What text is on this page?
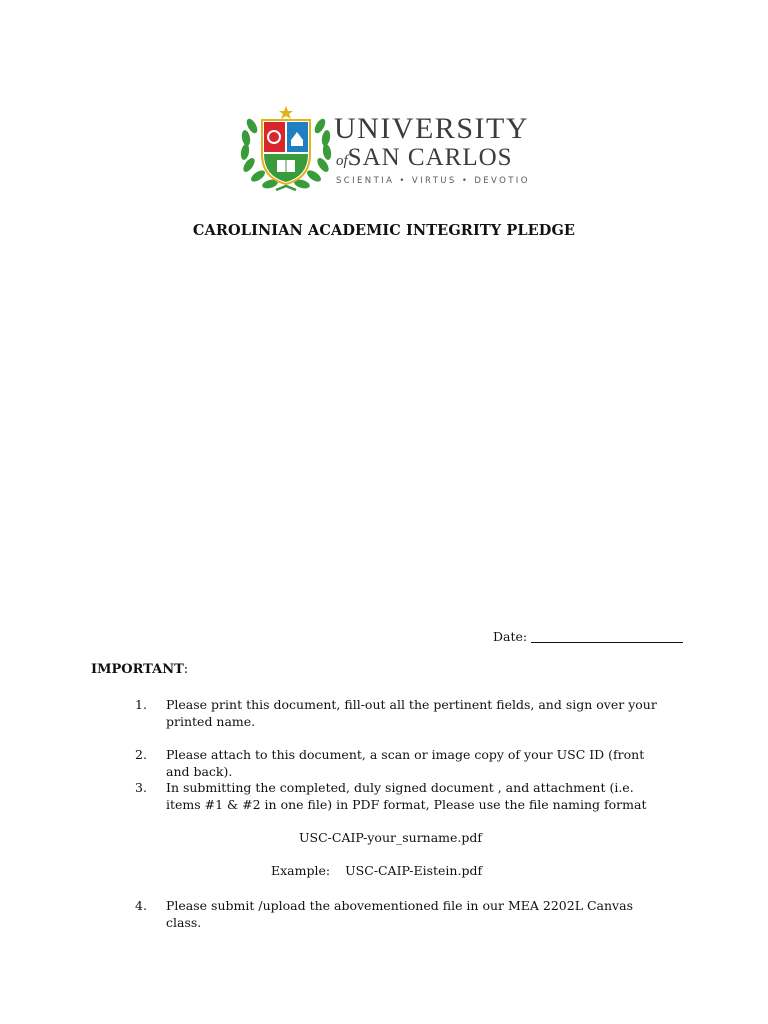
UNIVERSITY
ofSAN CARLOS
SCIENTIA • VIRTUS • DEVOTIO
CAROLINIAN ACADEMIC INTEGRITY PLEDGE
Date:
IMPORTANT:
1. Please print this document, fill-out all the pertinent fields, and sign over your printed name.
2. Please attach to this document, a scan or image copy of your USC ID (front and back).
3. In submitting the completed, duly signed document , and attachment (i.e. items #1 & #2 in one file) in PDF format, Please use the file naming format
USC-CAIP-your_surname.pdf
Example: USC-CAIP-Eistein.pdf
4. Please submit /upload the abovementioned file in our MEA 2202L Canvas class.
